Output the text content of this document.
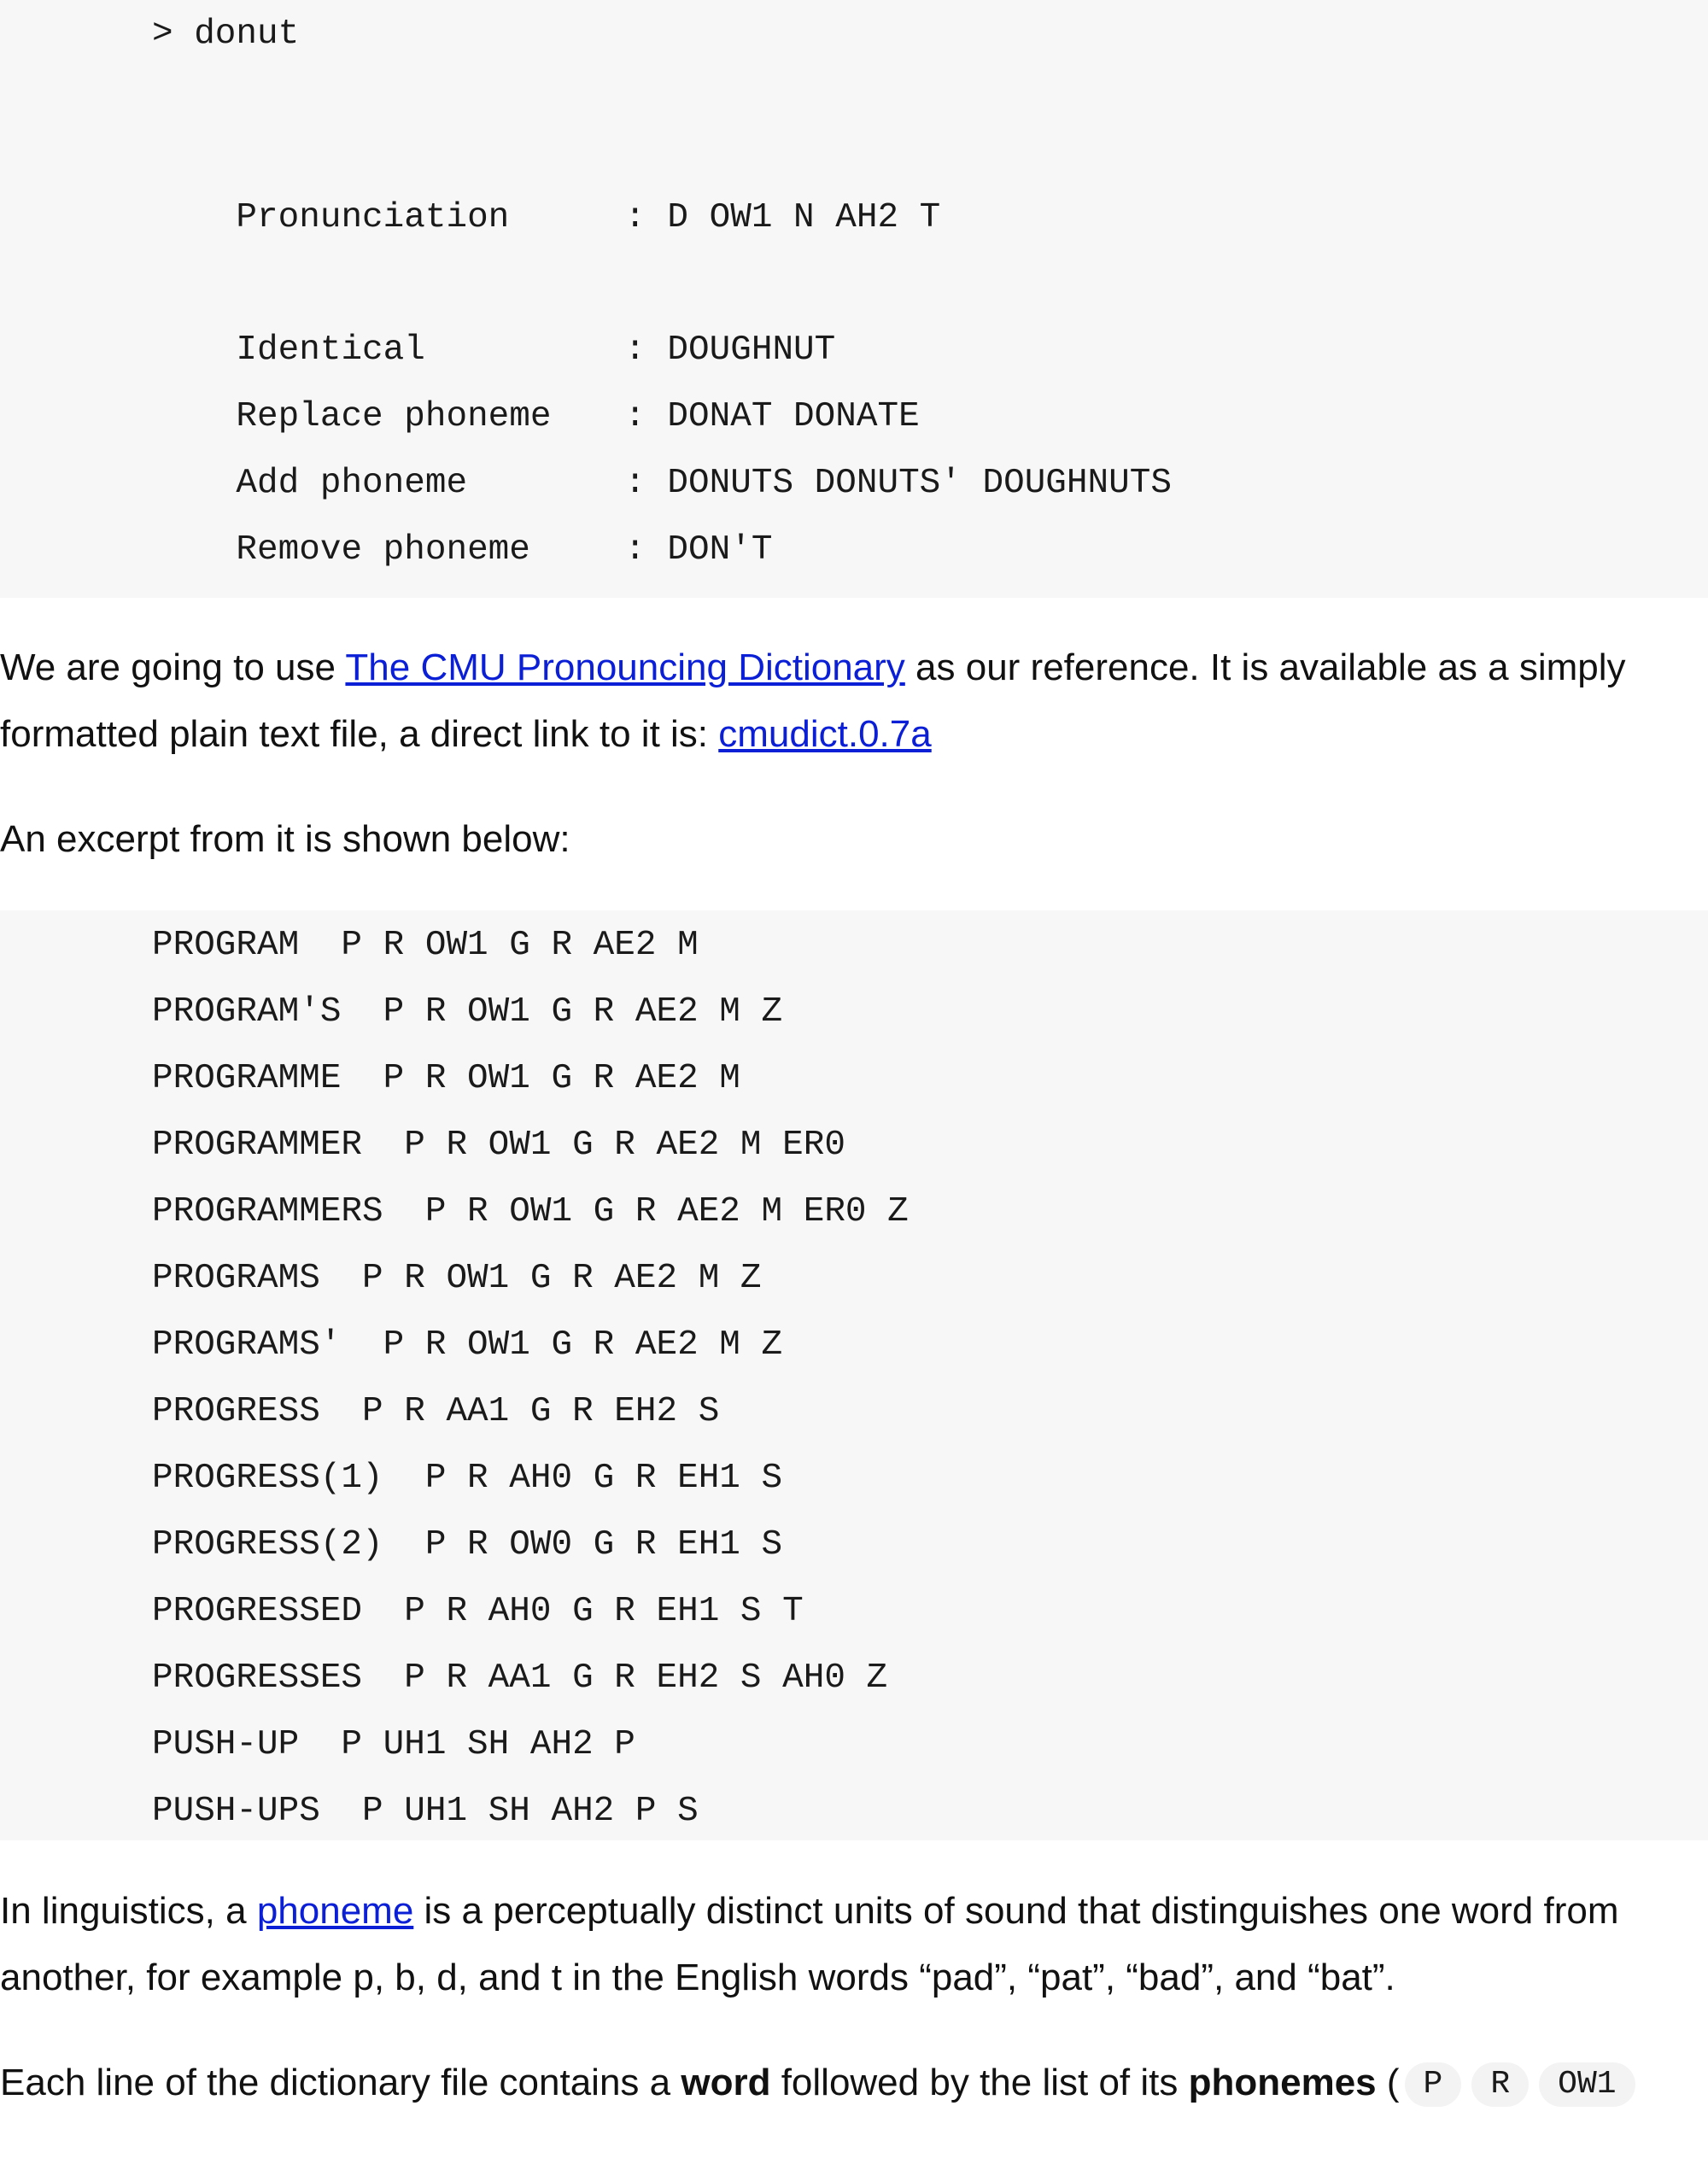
> donut

Pronunciation	: D OW1 N AH2 T

Identical	: DOUGHNUT

Replace phoneme : DONAT DONATE

Add phoneme	: DONUTS DONUTS' DOUGHNUTS

Remove phoneme	: DON'T

We are going to use The CMU Pronouncing Dictionary as our reference. It is available as a simply
formatted plain text file, a direct link to it is: cmudict.0.7a
An excerpt from it is shown below:

PROGRAM  P R OW1 G R AE2 M

PROGRAM'S  P R OW1 G R AE2 M Z

PROGRAMME  P R OW1 G R AE2 M

PROGRAMMER  P R OW1 G R AE2 M ER0

PROGRAMMERS  P R OW1 G R AE2 M ER0 Z

PROGRAMS  P R OW1 G R AE2 M Z

PROGRAMS'  P R OW1 G R AE2 M Z

PROGRESS  P R AA1 G R EH2 S

PROGRESS(1)  P R AH0 G R EH1 S

PROGRESS(2)  P R OW0 G R EH1 S

PROGRESSED  P R AH0 G R EH1 S T

PROGRESSES  P R AA1 G R EH2 S AH0 Z

PUSH-UP  P UH1 SH AH2 P

PUSH-UPS  P UH1 SH AH2 P S

In linguistics, a phoneme is a perceptually distinct units of sound that distinguishes one word from
another, for example p, b, d, and t in the English words “pad”, “pat”, “bad”, and “bat”.
Each line of the dictionary file contains a word followed by the list of its phonemes ( P R OW1
